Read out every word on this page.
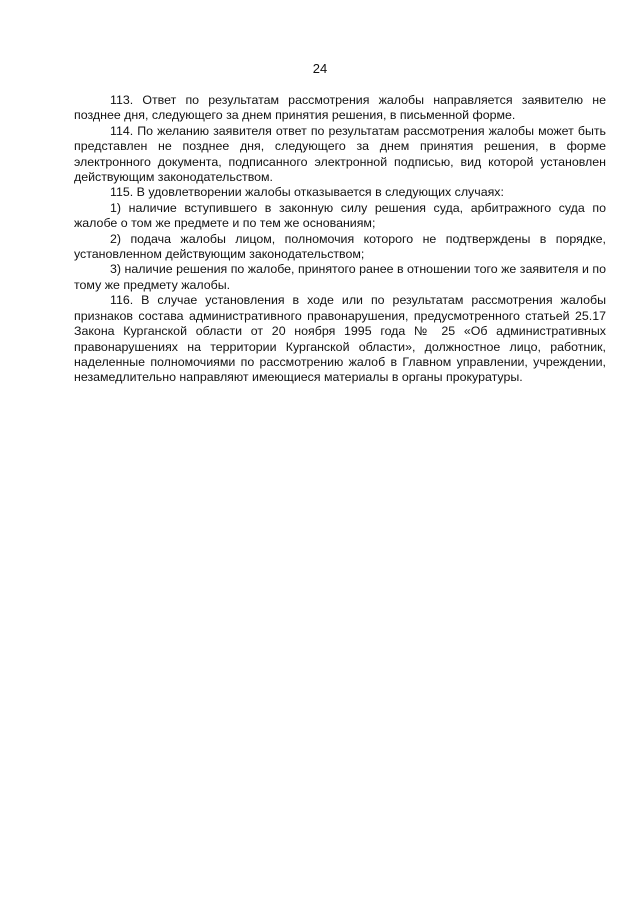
24

113. Ответ по результатам рассмотрения жалобы направляется заявителю не позднее дня, следующего за днем принятия решения, в письменной форме.

114. По желанию заявителя ответ по результатам рассмотрения жалобы может быть представлен не позднее дня, следующего за днем принятия решения, в форме электронного документа, подписанного электронной подписью, вид которой установлен действующим законодательством.

115. В удовлетворении жалобы отказывается в следующих случаях:

1) наличие вступившего в законную силу решения суда, арбитражного суда по жалобе о том же предмете и по тем же основаниям;

2) подача жалобы лицом, полномочия которого не подтверждены в порядке, установленном действующим законодательством;

3) наличие решения по жалобе, принятого ранее в отношении того же заявителя и по тому же предмету жалобы.

116. В случае установления в ходе или по результатам рассмотрения жалобы признаков состава административного правонарушения, предусмотренного статьей 25.17 Закона Курганской области от 20 ноября 1995 года № 25 «Об административных правонарушениях на территории Курганской области», должностное лицо, работник, наделенные полномочиями по рассмотрению жалоб в Главном управлении, учреждении, незамедлительно направляют имеющиеся материалы в органы прокуратуры.
